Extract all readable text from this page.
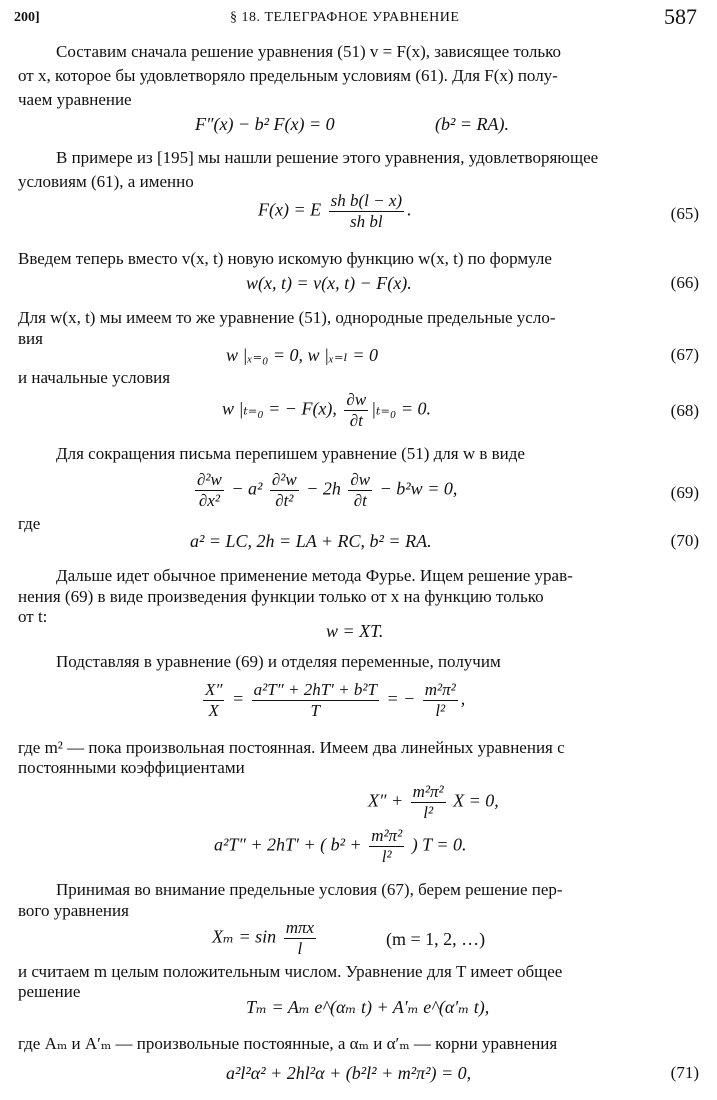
200]	§ 18. ТЕЛЕГРАФНОЕ УРАВНЕНИЕ	587
Составим сначала решение уравнения (51) v = F(x), зависящее только
от x, которое бы удовлетворяло предельным условиям (61). Для F(x) полу-
чаем уравнение
F″(x) − b² F(x) = 0	(b² = RA).
В примере из [195] мы нашли решение этого уравнения, удовлетворяющее
условиям (61), а именно
F(x) = E $\frac{\text{sh b(l − x)}}{\text{sh bl}}$ .	(65)
Введем теперь вместо v(x, t) новую искомую функцию w(x, t) по формуле
w(x, t) = v(x, t) − F(x).	(66)
Для w(x, t) мы имеем то же уравнение (51), однородные предельные усло-
вия
w |ₓ₌₀ = 0, w |ₓ₌ₗ = 0	(67)
и начальные условия
w |ₜ₌₀ = − F(x), $\frac{\partial w}{\partial t} |_{t=0} = 0$.	(68)
Для сокращения письма перепишем уравнение (51) для w в виде
$\frac{\text{∂²w}}{\text{∂x²}} - a^2 \frac{\text{∂²w}}{\text{∂t²}} - 2h \frac{\partial w}{\partial t} - b^2w = 0$,	(69)
где
a² = LC, 2h = LA + RC, b² = RA.	(70)
Дальше идет обычное применение метода Фурье. Ищем решение урав-
нения (69) в виде произведения функции только от x на функцию только
от t:
w = XT.
Подставляя в уравнение (69) и отделяя переменные, получим
$\frac{X''}{X} = \frac{\text{a²T″ + 2hT′ + b²T}}{T}$ = − $\frac{\text{m²π²}}{\text{l²}}$ ,
где m² — пока произвольная постоянная. Имеем два линейных уравнения с
постоянными коэффициентами
$X'' + \frac{\text{m²π²}}{\text{l²}}$ X = 0,
a²T″ + 2hT′ + ( $b^2 + \frac{\text{m²π²}}{\text{l²}}$ ) T = 0.
Принимая во внимание предельные условия (67), берем решение пер-
вого уравнения
$X_m = \sin \frac{\text{mπx}}{l}$	(m = 1, 2, …)
и считаем m целым положительным числом. Уравнение для T имеет общее
решение
Tₘ = Aₘ e^(αₘ t) + A′ₘ e^(α′ₘ t),
где Aₘ и A′ₘ — произвольные постоянные, а αₘ и α′ₘ — корни уравнения
a²l²α² + 2hl²α + (b²l² + m²π²) = 0,	(71)
